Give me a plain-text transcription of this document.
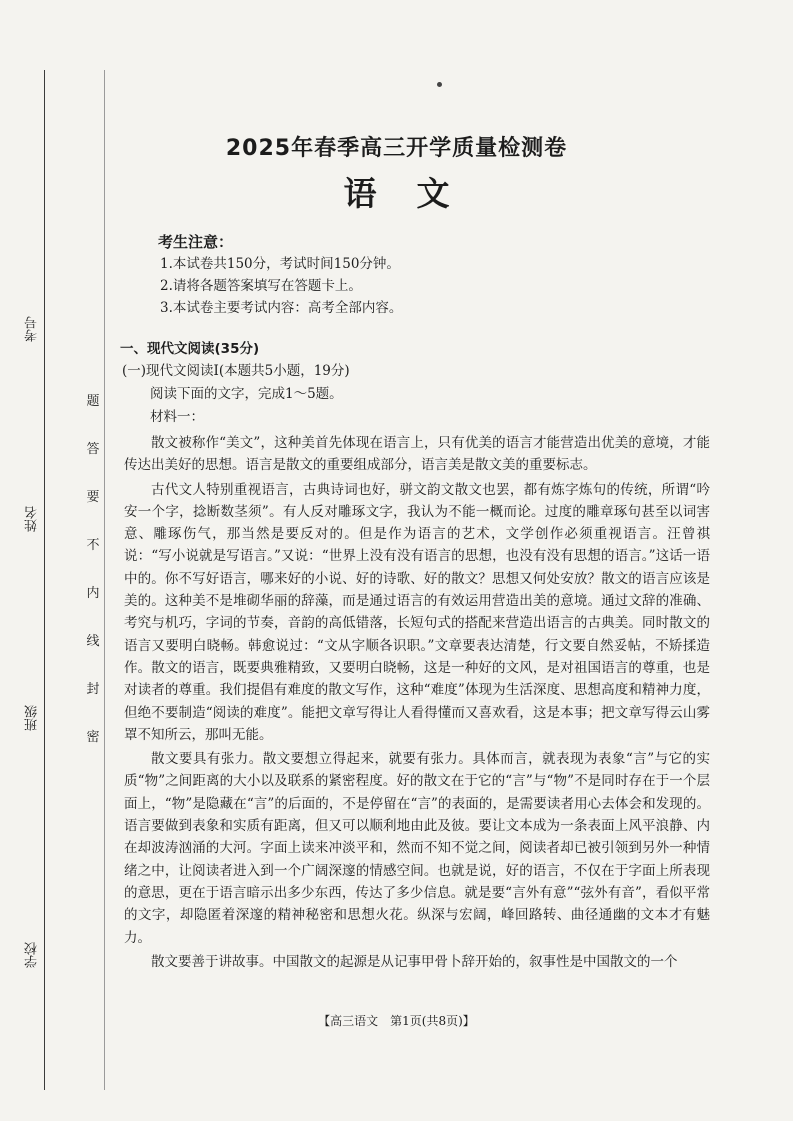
考号
姓名
班级
学校
题
答
要
不
内
线
封
密
2025年春季高三开学质量检测卷
语文
考生注意：
1.本试卷共150分，考试时间150分钟。
2.请将各题答案填写在答题卡上。
3.本试卷主要考试内容：高考全部内容。
一、现代文阅读(35分)
(一)现代文阅读Ⅰ(本题共5小题，19分)
阅读下面的文字，完成1～5题。
材料一：

散文被称作“美文”，这种美首先体现在语言上，只有优美的语言才能营造出优美的意境，才能传达出美好的思想。语言是散文的重要组成部分，语言美是散文美的重要标志。

古代文人特别重视语言，古典诗词也好，骈文韵文散文也罢，都有炼字炼句的传统，所谓“吟安一个字，捻断数茎须”。有人反对雕琢文字，我认为不能一概而论。过度的雕章琢句甚至以词害意、雕琢伤气，那当然是要反对的。但是作为语言的艺术，文学创作必须重视语言。汪曾祺说：“写小说就是写语言。”又说：“世界上没有没有语言的思想，也没有没有思想的语言。”这话一语中的。你不写好语言，哪来好的小说、好的诗歌、好的散文？思想又何处安放？散文的语言应该是美的。这种美不是堆砌华丽的辞藻，而是通过语言的有效运用营造出美的意境。通过文辞的准确、考究与机巧，字词的节奏，音韵的高低错落，长短句式的搭配来营造出语言的古典美。同时散文的语言又要明白晓畅。韩愈说过：“文从字顺各识职。”文章要表达清楚，行文要自然妥帖，不矫揉造作。散文的语言，既要典雅精致，又要明白晓畅，这是一种好的文风，是对祖国语言的尊重，也是对读者的尊重。我们提倡有难度的散文写作，这种“难度”体现为生活深度、思想高度和精神力度，但绝不要制造“阅读的难度”。能把文章写得让人看得懂而又喜欢看，这是本事；把文章写得云山雾罩不知所云，那叫无能。

散文要具有张力。散文要想立得起来，就要有张力。具体而言，就表现为表象“言”与它的实质“物”之间距离的大小以及联系的紧密程度。好的散文在于它的“言”与“物”不是同时存在于一个层面上，“物”是隐藏在“言”的后面的，不是停留在“言”的表面的，是需要读者用心去体会和发现的。语言要做到表象和实质有距离，但又可以顺利地由此及彼。要让文本成为一条表面上风平浪静、内在却波涛汹涌的大河。字面上读来冲淡平和，然而不知不觉之间，阅读者却已被引领到另外一种情绪之中，让阅读者进入到一个广阔深邃的情感空间。也就是说，好的语言，不仅在于字面上所表现的意思，更在于语言暗示出多少东西，传达了多少信息。就是要“言外有意”“弦外有音”，看似平常的文字，却隐匿着深邃的精神秘密和思想火花。纵深与宏阔，峰回路转、曲径通幽的文本才有魅力。

散文要善于讲故事。中国散文的起源是从记事甲骨卜辞开始的，叙事性是中国散文的一个

【高三语文　第1页(共8页)】
